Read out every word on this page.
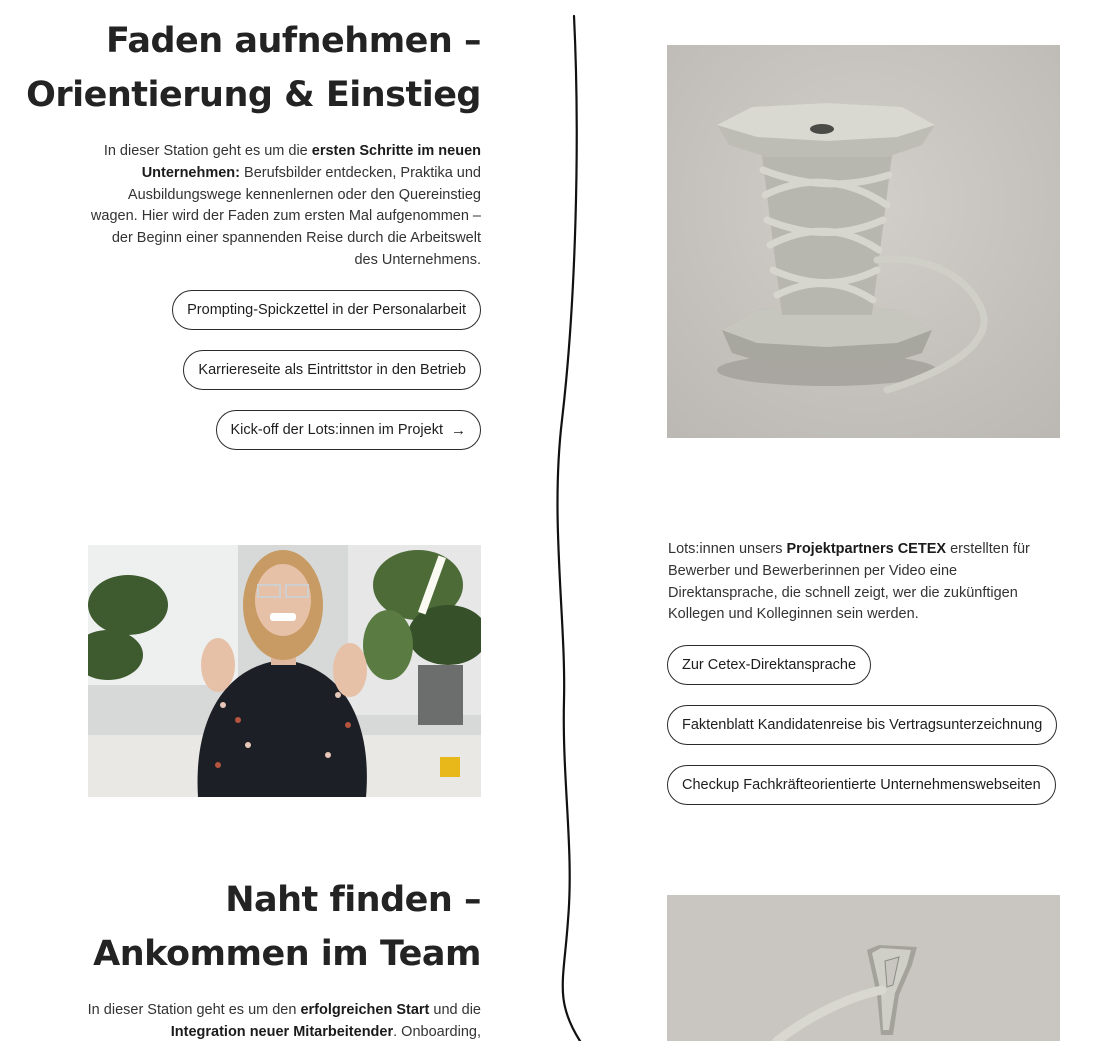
Faden aufnehmen –
Orientierung & Einstieg

In dieser Station geht es um die ersten Schritte im neuen Unternehmen: Berufsbilder entdecken, Praktika und Ausbildungswege kennenlernen oder den Quereinstieg wagen. Hier wird der Faden zum ersten Mal aufgenommen – der Beginn einer spannenden Reise durch die Arbeitswelt des Unternehmens.

Prompting-Spickzettel in der Personalarbeit
Karriereseite als Eintrittstor in den Betrieb
Kick-off der Lots:innen im Projekt →

Lots:innen unsers Projektpartners CETEX erstellten für Bewerber und Bewerberinnen per Video eine Direktansprache, die schnell zeigt, wer die zukünftigen Kollegen und Kolleginnen sein werden.

Zur Cetex-Direktansprache
Faktenblatt Kandidatenreise bis Vertragsunterzeichnung
Checkup Fachkräfteorientierte Unternehmenswebseiten
Naht finden –
Ankommen im Team

In dieser Station geht es um den erfolgreichen Start und die Integration neuer Mitarbeitender. Onboarding,
